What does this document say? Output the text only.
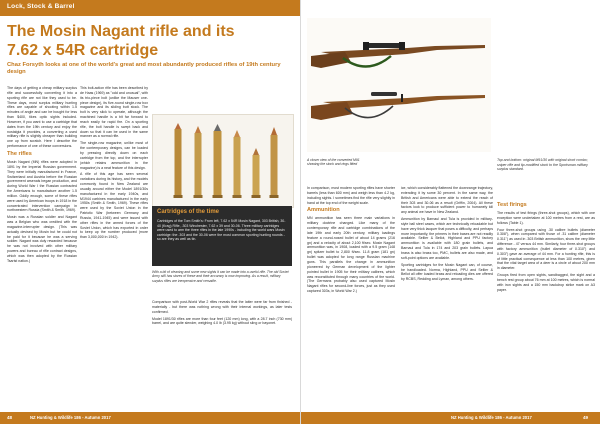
Lock, Stock & Barrel
The Mosin Nagant rifle and its
7.62 x 54R cartridge
Chaz Forsyth looks at one of the world's great and most abundantly produced rifles of 19th century design

The days of getting a cheap military surplus rifle and successfully converting it into a sporting rifle are not like they used to be. These days, most surplus military hunting rifles are capable of shooting within 1.5 minutes of angle and can be bought for less than $400, tikes optic sights included. However, if you want to use a cartridge that dates from the 19th century and enjoy the nostalgia it provides, a converting a used military rifle is slightly cheaper than building one up from scratch. Here I describe the performance of one of these conversions.

The rifles

Mosin Nagant (MN) rifles were adopted in 1891 by the Imperial Russian government. They were initially manufactured in France, Switzerland and Austria before the Russian government arsenals began production, and during World War I the Russian contracted the Americans to manufacture another 1.5 million. Oddly enough, some of these rifles were used by American troops in 1918 in the concentrated intervention campaign in northwestern Russia (Smith & Smith, 1969).

Mosin was a Russian soldier and Nagant was a Belgian who was credited with the magazine-interrupter design. (This was actually devised by Mosin but he could not be paid for it because he was a serving soldier. Nagant was duly rewarded because he was not involved with other military powers and bureau of rifle contract designs, which was then adopted by the Russian Tsarist nation.)

This bolt-action rifle has been described by de Haas (1969) as "odd and unusual", with its trio-piece bolt (unlike the Mauser one-piece design), its five-round single-row box magazine and its sliding butt stock. The bolt is very slick to operate, although the machined handle is a bit far forward to reach easily for rapid fire. On a sporting rifle, the bolt handle is swept back and down so that it can be used in the same manner as a normal rifle.

The single-row magazine, unlike most of the contemporary designs, can be loaded by pressing directly down on each cartridge from the top, and the interrupter (which retains ammunition in the magazine) is a neat feature of this design.

A rifle of this age has seen several variations during its history, and the models commonly found in New Zealand are usually around either the Model 1891/30s manufactured in the early 1940s, and M1944 carbines manufactured in the early 1950s (Smith & Smith, 1969). These rifles were used by the Soviet Union in the Patriotic War (between Germany and Russia, 1941-1945) and were issued with other rifles in the armed forces of the Soviet Union, which has exported in order to keep up the number produced (more than 3,000,000 in 1942).

Cartridges of the time
Cartridges of the Tom Smith's: From left, 7.62 x 54R Mosin Nagant, 303 British, 30-40 (Krag) Rifle, .303 Winchester, 7.62 x 39 and 30-06. Three military cartridges were used to arm the three rifles in the late 1990s - including the world wars Mosin cartridge: the .303 and the 30-06 were the most common sporting hunting rounds - so are they as well as tin.
With a bit of cleaning and some new sights it can be made into a useful rifle. The old Soviet Army still has stores of these and their accuracy is now improving. As a result, military surplus rifles are inexpensive and versatile.

Comparison with post-World War 2 rifles reveals that the latter were far from finished - materially - but there was nothing wrong with their internal workings, as later tests confirmed.

Model 1891/30 rifles are more than four feet (120 mm) long, with a 28.7 inch (730 mm) barrel, and are quite slender, weighing 4.0 lb (3.95 kg) without sling or bayonet.

48	NZ Hunting & Wildlife 186 - Autumn 2017
Top and bottom: original M91/30 with original short combo; sniper rifle and tip-modified stock to the Sportsman military surplus standard.
A closer view of the converted M91 showing the stock and rings fitted

In comparison, most modern sporting rifles have shorter barrels (less than 600 mm) and weigh less than 4.2 kg, including sights. I sometimes find the rifle very slightly in hand at the top end of the weight scale.

Ammunition

MN ammunition has seen three main variations in military doctrine changed. Like many of the contemporary rifle and cartridge combinations of the late 19th and early 20th century, military loadings feature a round-nosed bullet of about 14 grams (216 gn) and a velocity of about 2,100 ft/sec. Mosin Nagant ammunition was, in 1908, loaded with a 9.5 gram (148 gn) spitzer bullet to 2,800 ft/sec. 11.8 gram (181 gn) bullet was adopted for long range Russian machine guns. This parallels the change in ammunition pioneered by German development of the lighter pointed bullet in 1905 for their military calibres, which was reconstituted through many countries of the world. (The Germans probably also used captured Mosin Nagant rifles for second-line forces, just as they used captured 303s, in World War 2.)

ice, which considerably flattened the downrange trajectory, extending it by some 30 percent. In the same way, the British and Americans were able to extend the reach of their 303 and 30-06 as a result (Griffin, 2004). All these factors look to produce sufficient power to humanely kill any animal we have in New Zealand.

Ammunition by Barnaul and Tula is provided in military-style ball steel cases, which are technically reloadable but have very thick lacquer that poses a difficulty, and perhaps more importantly, the primers in their bases are not readily available. Sellier & Bellot, Highland and PPU factory ammunition is available with 180 grain bullets, and Barnaul and Tula in 174 and 203 grain bullets. Lapua brass is also brass too, PMC, bullets are also made, and soft-point options are available.

Sporting cartridges for the Mosin Nagant can, of course, be handloaded. Norma, Highland, PPU and Sellier & Bellot all offer loaded brass and reloading dies are offered by RCBS, Redding and Lyman, among others.

Test firings

The results of test firings (three-shot groups), which with one exception were undertaken at 100 metres from a rest, are as follows (Table 1).

Four three-shot groups using .30 calibre bullets (diameter 0.308"), when compared with those of .31 calibre (diameter 0.311") as used in .303 British ammunition, show the very little difference - 47 versus 44 mm. Similarly, four three-shot groups with factory ammunition (bullet diameter of 0.310") and 0.303") gave an average of 44 mm. For a hunting rifle, this is of little practical consequence at less than 100 metres, given that the vital target area of a deer is a circle of about 200 mm in diameter.

Groups fired from open sights, sandbagged, the sight and a bench rest group about 76 mm at 100 metres, which is normal with iron sights and a 150 mm backdrop strike mark on A3 paper.

NZ Hunting & Wildlife 186 - Autumn 2017	49
